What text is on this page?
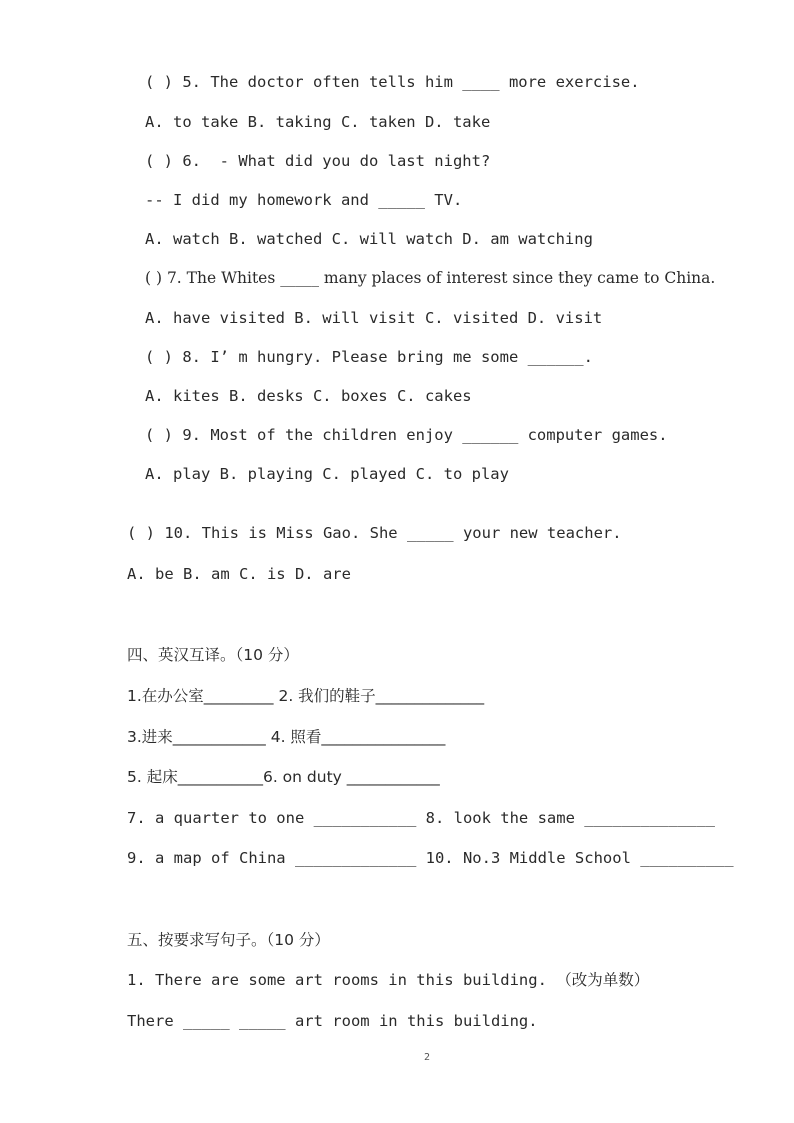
( ) 5. The doctor often tells him ____ more exercise.
A. to take B. taking C. taken D. take
( ) 6.  - What did you do last night?
-- I did my homework and _____ TV.
A. watch B. watched C. will watch D. am watching
( ) 7. The Whites _____ many places of interest since they came to China.
A. have visited B. will visit C. visited D. visit
( ) 8. I’ m hungry. Please bring me some ______.
A. kites B. desks C. boxes C. cakes
( ) 9. Most of the children enjoy ______ computer games.
A. play B. playing C. played C. to play
( ) 10. This is Miss Gao. She _____ your new teacher.
A. be B. am C. is D. are
四、英汉互译。（10 分）
1.在办公室_________ 2. 我们的鞋子______________
3.进来____________ 4. 照看________________
5. 起床___________6. on duty ____________
7. a quarter to one ___________ 8. look the same ______________
9. a map of China _____________ 10. No.3 Middle School __________
五、按要求写句子。（10 分）
1. There are some art rooms in this building. （改为单数）
There _____ _____ art room in this building.
2
